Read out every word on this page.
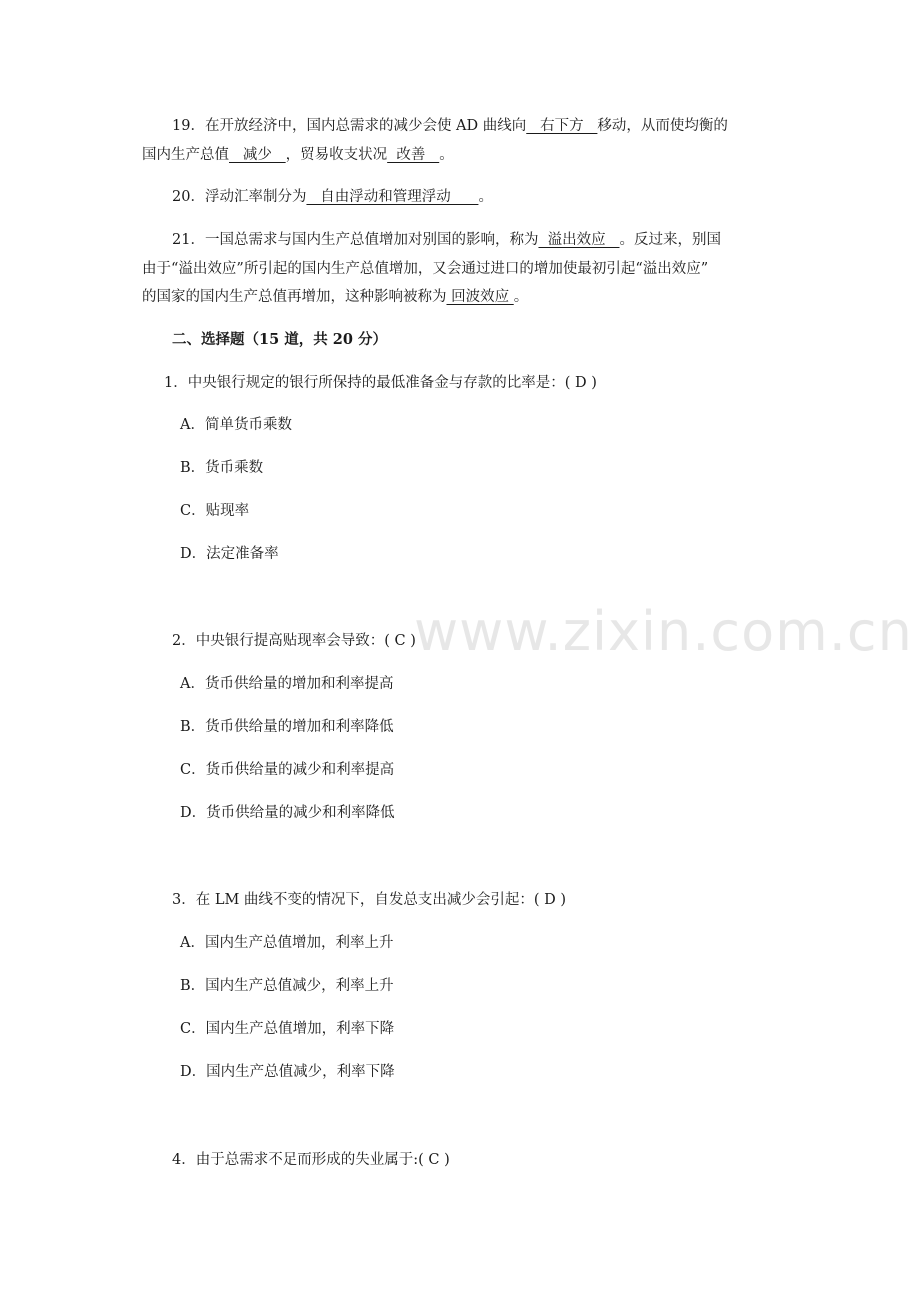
19．在开放经济中，国内总需求的减少会使 AD 曲线向   右下方   移动，从而使均衡的
国内生产总值   减少   ，贸易收支状况  改善   。
20．浮动汇率制分为   自由浮动和管理浮动      。
21．一国总需求与国内生产总值增加对别国的影响，称为  溢出效应   。反过来，别国
由于“溢出效应”所引起的国内生产总值增加，又会通过进口的增加使最初引起“溢出效应”
的国家的国内生产总值再增加，这种影响被称为 回波效应 。
二、选择题（15 道，共 20 分）
1．中央银行规定的银行所保持的最低准备金与存款的比率是：( D )
A．简单货币乘数
B．货币乘数
C．贴现率
D．法定准备率
2．中央银行提高贴现率会导致：( C )
A．货币供给量的增加和利率提高
B．货币供给量的增加和利率降低
C．货币供给量的减少和利率提高
D．货币供给量的减少和利率降低
3．在 LM 曲线不变的情况下，自发总支出减少会引起：( D )
A．国内生产总值增加，利率上升
B．国内生产总值减少，利率上升
C．国内生产总值增加，利率下降
D．国内生产总值减少，利率下降
4．由于总需求不足而形成的失业属于:( C )
www.zixin.com.cn
